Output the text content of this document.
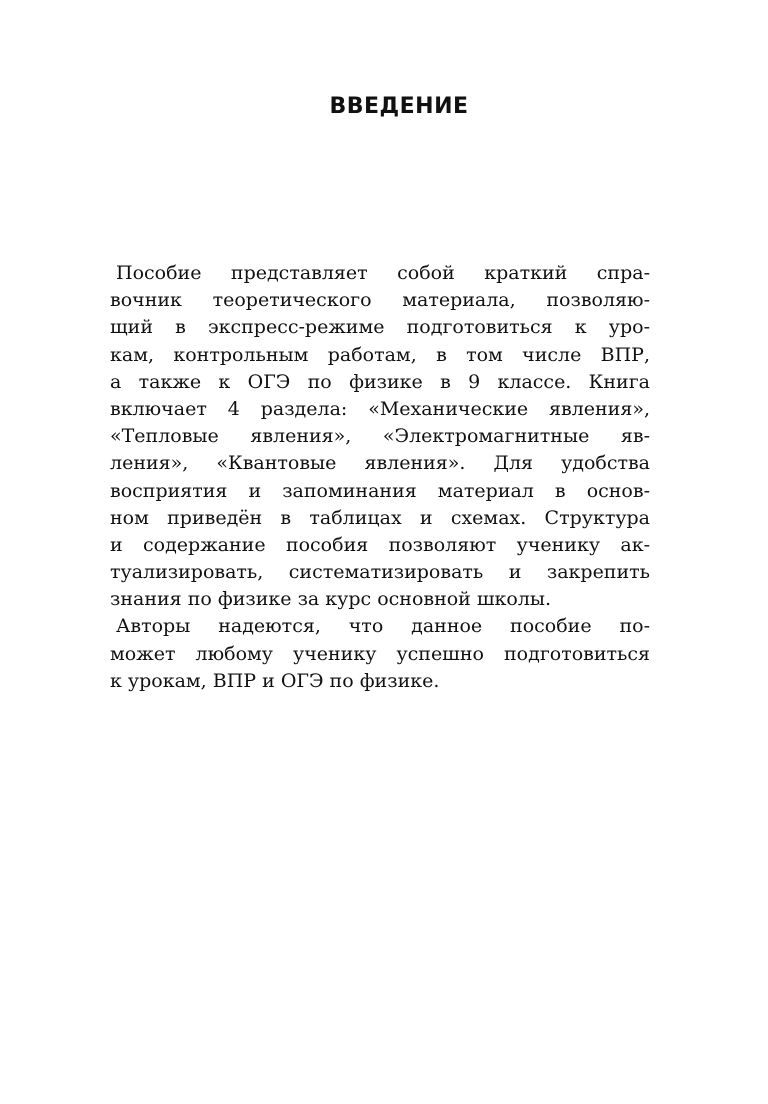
ВВЕДЕНИЕ
Пособие представляет собой краткий спра-
вочник теоретического материала, позволяю-
щий в экспресс-режиме подготовиться к уро-
кам, контрольным работам, в том числе ВПР,
а также к ОГЭ по физике в 9 классе. Книга
включает 4 раздела: «Механические явления»,
«Тепловые явления», «Электромагнитные яв-
ления», «Квантовые явления». Для удобства
восприятия и запоминания материал в основ-
ном приведён в таблицах и схемах. Структура
и содержание пособия позволяют ученику ак-
туализировать, систематизировать и закрепить
знания по физике за курс основной школы.
Авторы надеются, что данное пособие по-
может любому ученику успешно подготовиться
к урокам, ВПР и ОГЭ по физике.
